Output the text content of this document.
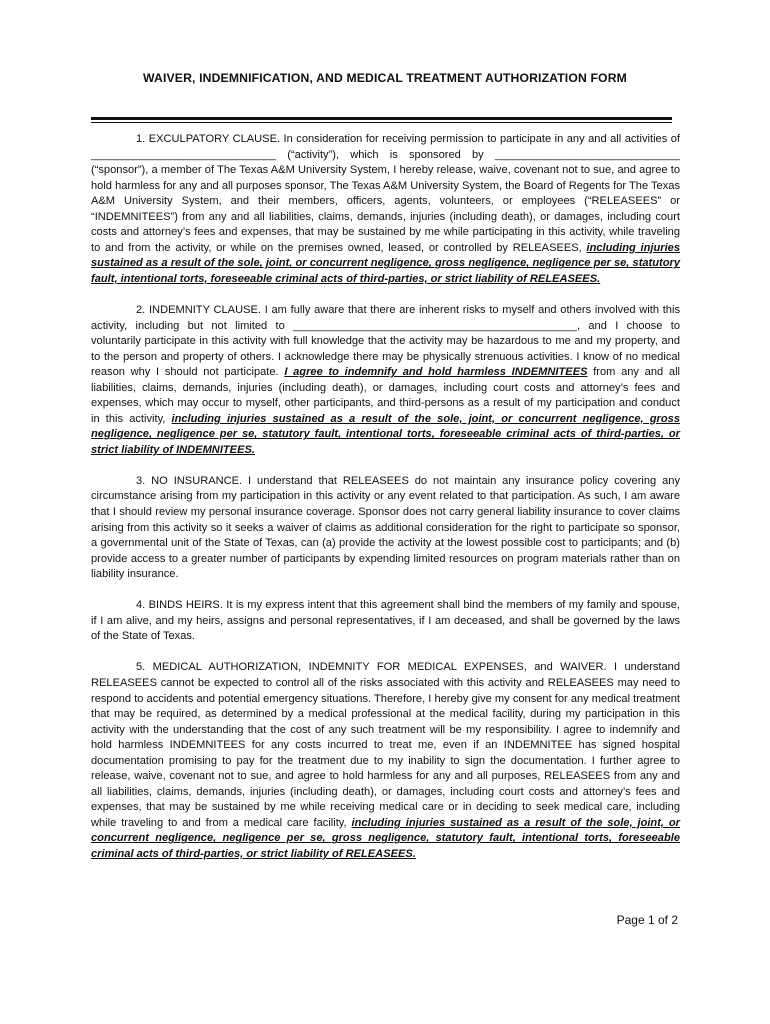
WAIVER, INDEMNIFICATION, AND MEDICAL TREATMENT AUTHORIZATION FORM

1. EXCULPATORY CLAUSE. In consideration for receiving permission to participate in any and all activities of ______________________________ (“activity”), which is sponsored by ______________________________ (“sponsor”), a member of The Texas A&M University System, I hereby release, waive, covenant not to sue, and agree to hold harmless for any and all purposes sponsor, The Texas A&M University System, the Board of Regents for The Texas A&M University System, and their members, officers, agents, volunteers, or employees (“RELEASEES” or “INDEMNITEES”) from any and all liabilities, claims, demands, injuries (including death), or damages, including court costs and attorney’s fees and expenses, that may be sustained by me while participating in this activity, while traveling to and from the activity, or while on the premises owned, leased, or controlled by RELEASEES, including injuries sustained as a result of the sole, joint, or concurrent negligence, gross negligence, negligence per se, statutory fault, intentional torts, foreseeable criminal acts of third-parties, or strict liability of RELEASEES.

2. INDEMNITY CLAUSE. I am fully aware that there are inherent risks to myself and others involved with this activity, including but not limited to ______________________________________________, and I choose to voluntarily participate in this activity with full knowledge that the activity may be hazardous to me and my property, and to the person and property of others. I acknowledge there may be physically strenuous activities. I know of no medical reason why I should not participate. I agree to indemnify and hold harmless INDEMNITEES from any and all liabilities, claims, demands, injuries (including death), or damages, including court costs and attorney’s fees and expenses, which may occur to myself, other participants, and third-persons as a result of my participation and conduct in this activity, including injuries sustained as a result of the sole, joint, or concurrent negligence, gross negligence, negligence per se, statutory fault, intentional torts, foreseeable criminal acts of third-parties, or strict liability of INDEMNITEES.

3. NO INSURANCE. I understand that RELEASEES do not maintain any insurance policy covering any circumstance arising from my participation in this activity or any event related to that participation. As such, I am aware that I should review my personal insurance coverage. Sponsor does not carry general liability insurance to cover claims arising from this activity so it seeks a waiver of claims as additional consideration for the right to participate so sponsor, a governmental unit of the State of Texas, can (a) provide the activity at the lowest possible cost to participants; and (b) provide access to a greater number of participants by expending limited resources on program materials rather than on liability insurance.

4. BINDS HEIRS. It is my express intent that this agreement shall bind the members of my family and spouse, if I am alive, and my heirs, assigns and personal representatives, if I am deceased, and shall be governed by the laws of the State of Texas.

5. MEDICAL AUTHORIZATION, INDEMNITY FOR MEDICAL EXPENSES, and WAIVER. I understand RELEASEES cannot be expected to control all of the risks associated with this activity and RELEASEES may need to respond to accidents and potential emergency situations. Therefore, I hereby give my consent for any medical treatment that may be required, as determined by a medical professional at the medical facility, during my participation in this activity with the understanding that the cost of any such treatment will be my responsibility. I agree to indemnify and hold harmless INDEMNITEES for any costs incurred to treat me, even if an INDEMNITEE has signed hospital documentation promising to pay for the treatment due to my inability to sign the documentation. I further agree to release, waive, covenant not to sue, and agree to hold harmless for any and all purposes, RELEASEES from any and all liabilities, claims, demands, injuries (including death), or damages, including court costs and attorney’s fees and expenses, that may be sustained by me while receiving medical care or in deciding to seek medical care, including while traveling to and from a medical care facility, including injuries sustained as a result of the sole, joint, or concurrent negligence, negligence per se, gross negligence, statutory fault, intentional torts, foreseeable criminal acts of third-parties, or strict liability of RELEASEES.

Page 1 of 2
